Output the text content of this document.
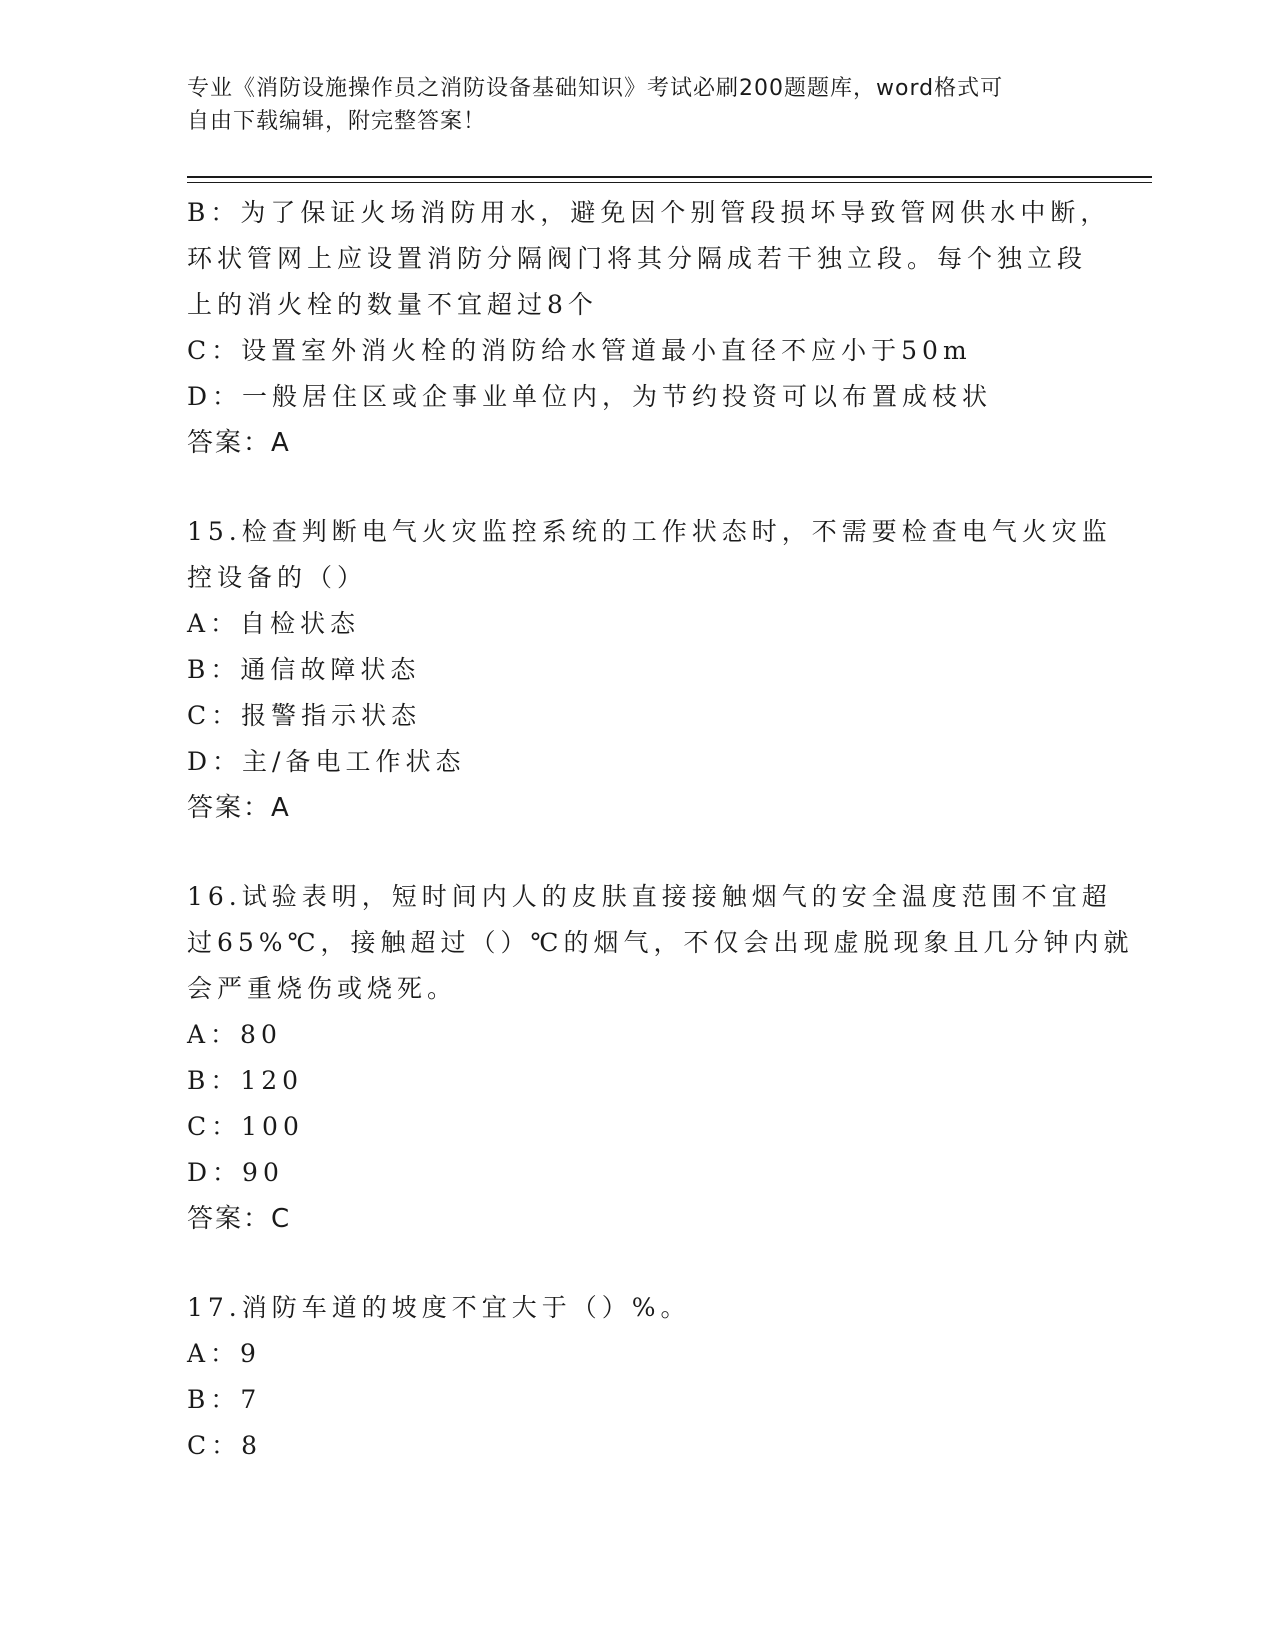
专业《消防设施操作员之消防设备基础知识》考试必刷200题题库，word格式可
自由下载编辑，附完整答案！
B：为了保证火场消防用水，避免因个别管段损坏导致管网供水中断，
环状管网上应设置消防分隔阀门将其分隔成若干独立段。每个独立段
上的消火栓的数量不宜超过8个
C：设置室外消火栓的消防给水管道最小直径不应小于50m
D：一般居住区或企事业单位内，为节约投资可以布置成枝状
答案：A
15.检查判断电气火灾监控系统的工作状态时，不需要检查电气火灾监
控设备的（）
A：自检状态
B：通信故障状态
C：报警指示状态
D：主/备电工作状态
答案：A
16.试验表明，短时间内人的皮肤直接接触烟气的安全温度范围不宜超
过65%℃，接触超过（）℃的烟气，不仅会出现虚脱现象且几分钟内就
会严重烧伤或烧死。
A：80
B：120
C：100
D：90
答案：C
17.消防车道的坡度不宜大于（）%。
A：9
B：7
C：8
